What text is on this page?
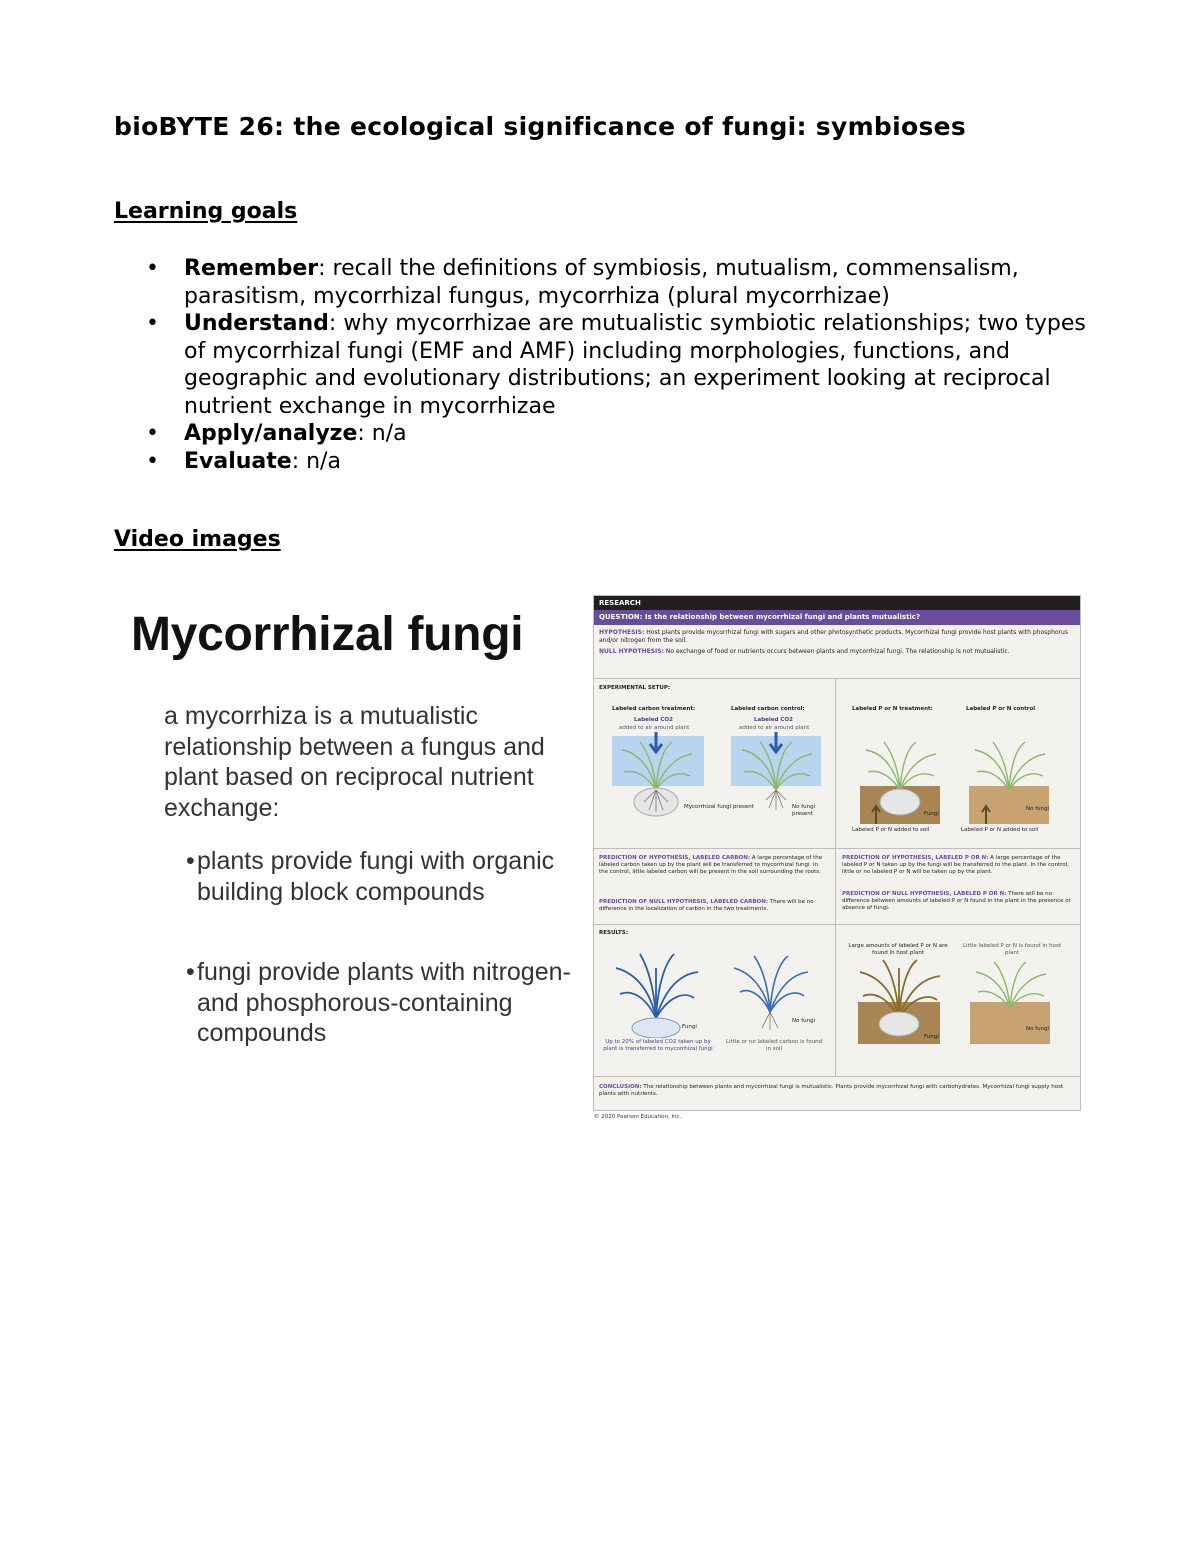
bioBYTE 26: the ecological significance of fungi: symbioses
Learning goals
• Remember: recall the definitions of symbiosis, mutualism, commensalism, parasitism, mycorrhizal fungus, mycorrhiza (plural mycorrhizae)
• Understand: why mycorrhizae are mutualistic symbiotic relationships; two types of mycorrhizal fungi (EMF and AMF) including morphologies, functions, and geographic and evolutionary distributions; an experiment looking at reciprocal nutrient exchange in mycorrhizae
• Apply/analyze: n/a
• Evaluate: n/a
Video images
Mycorrhizal fungi
a mycorrhiza is a mutualistic relationship between a fungus and plant based on reciprocal nutrient exchange:
• plants provide fungi with organic building block compounds
• fungi provide plants with nitrogen- and phosphorous-containing compounds
RESEARCH
QUESTION: Is the relationship between mycorrhizal fungi and plants mutualistic?
HYPOTHESIS: Host plants provide mycorrhizal fungi with sugars and other photosynthetic products. Mycorrhizal fungi provide host plants with phosphorus and/or nitrogen from the soil.
NULL HYPOTHESIS: No exchange of food or nutrients occurs between plants and mycorrhizal fungi. The relationship is not mutualistic.
EXPERIMENTAL SETUP:
Labeled carbon treatment:	Labeled carbon control:
Labeled CO2	Labeled CO2
added to air around plant	added to air around plant
Mycorrhizal fungi present	No fungi present
Labeled P or N treatment:	Labeled P or N control
Fungi
No fungi
Labeled P or N added to soil	Labeled P or N added to soil
PREDICTION OF HYPOTHESIS, LABELED CARBON: A large percentage of the labeled carbon taken up by the plant will be transferred to mycorrhizal fungi. In the control, little labeled carbon will be present in the soil surrounding the roots.
PREDICTION OF NULL HYPOTHESIS, LABELED CARBON: There will be no difference in the localization of carbon in the two treatments.
PREDICTION OF HYPOTHESIS, LABELED P OR N: A large percentage of the labeled P or N taken up by the fungi will be transferred to the plant. In the control, little or no labeled P or N will be taken up by the plant.
PREDICTION OF NULL HYPOTHESIS, LABELED P OR N: There will be no difference between amounts of labeled P or N found in the plant in the presence or absence of fungi.
RESULTS:
Fungi
No fungi
Up to 20% of labeled CO2 taken up by plant is transferred to mycorrhizal fungi
Little or no labeled carbon is found in soil
Large amounts of labeled P or N are found in host plant
Little labeled P or N is found in host plant
Fungi
No fungi
CONCLUSION: The relationship between plants and mycorrhizal fungi is mutualistic. Plants provide mycorrhizal fungi with carbohydrates. Mycorrhizal fungi supply host plants with nutrients.
© 2020 Pearson Education, Inc.
